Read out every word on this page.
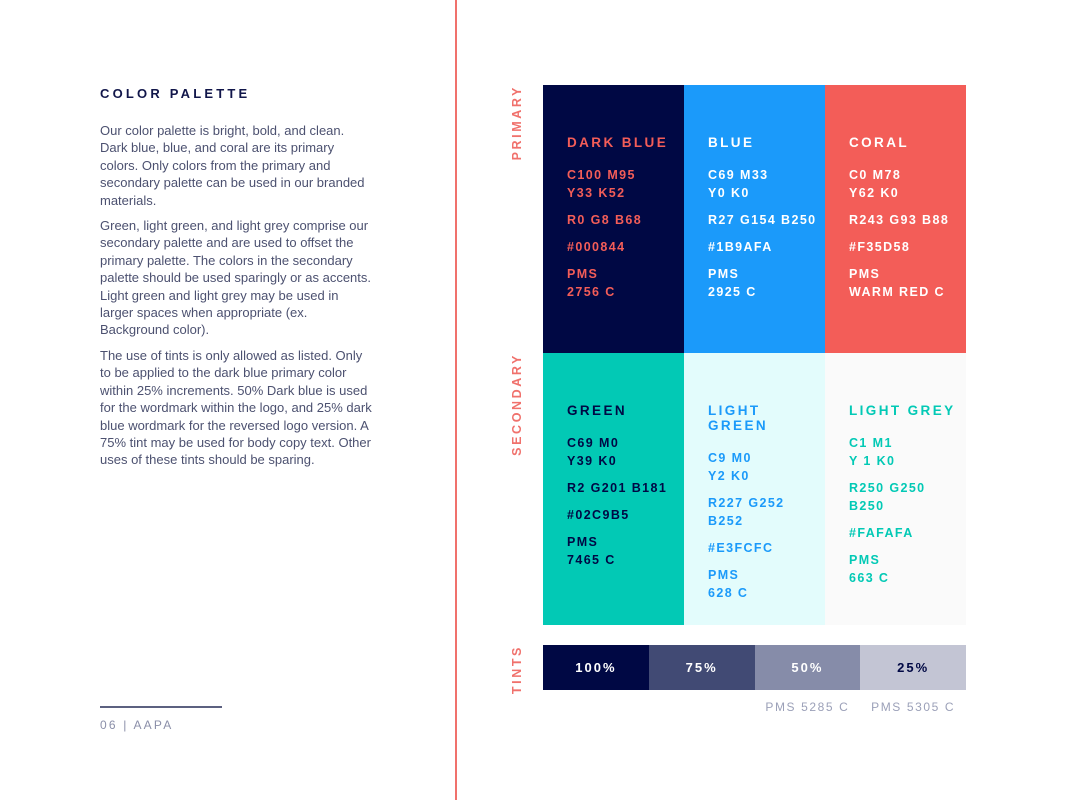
COLOR PALETTE

Our color palette is bright, bold, and clean. Dark blue, blue, and coral are its primary colors. Only colors from the primary and secondary palette can be used in our branded materials.

Green, light green, and light grey comprise our secondary palette and are used to offset the primary palette. The colors in the secondary palette should be used sparingly or as accents. Light green and light grey may be used in larger spaces when appropriate (ex. Background color).

The use of tints is only allowed as listed. Only to be applied to the dark blue primary color within 25% increments. 50% Dark blue is used for the wordmark within the logo, and 25% dark blue wordmark for the reversed logo version. A 75% tint may be used for body copy text. Other uses of these tints should be sparing.

06 | AAPA
PRIMARY	DARK BLUE
C100 M95
Y33 K52
R0 G8 B68
#000844
PMS
2756 C
BLUE
C69 M33
Y0 K0
R27 G154 B250
#1B9AFA
PMS
2925 C
CORAL
C0 M78
Y62 K0
R243 G93 B88
#F35D58
PMS
WARM RED C
SECONDARY	GREEN
C69 M0
Y39 K0
R2 G201 B181
#02C9B5
PMS
7465 C
LIGHT GREEN
C9 M0
Y2 K0
R227 G252 B252
#E3FCFC
PMS
628 C
LIGHT GREY
C1 M1
Y 1 K0
R250 G250 B250
#FAFAFA
PMS
663 C
TINTS	100%	75%	50%	25%
PMS 5285 C	PMS 5305 C
